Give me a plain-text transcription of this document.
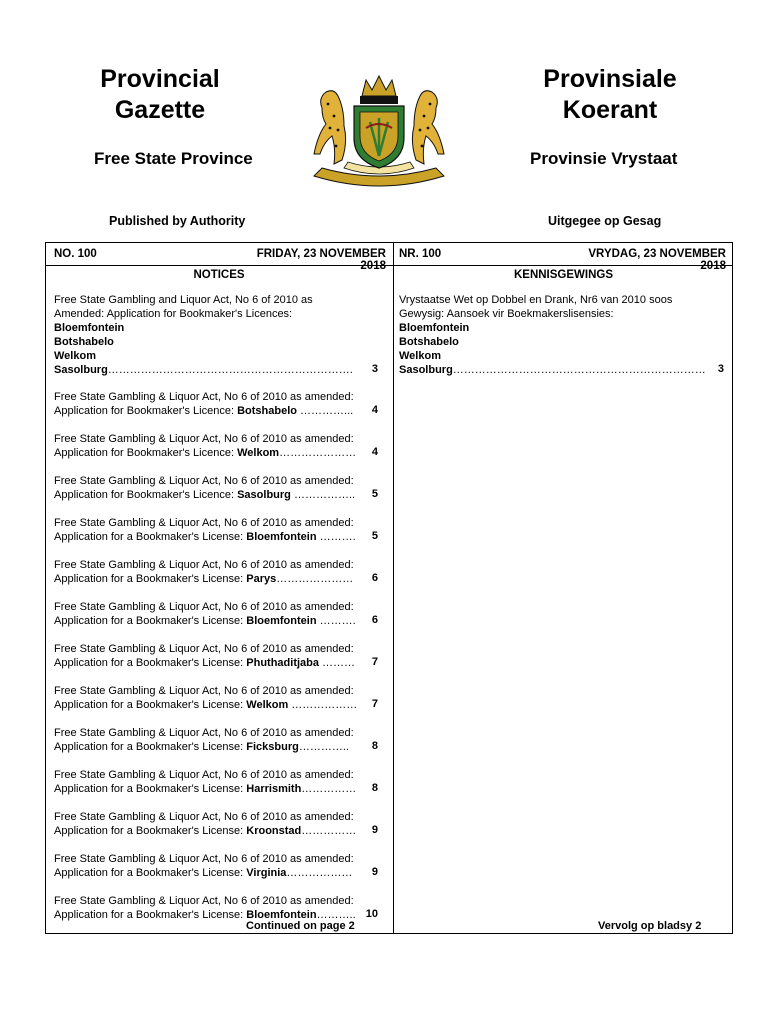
Provincial
Gazette
Provinsiale
Koerant
Free State Province	Provinsie Vrystaat
Published by Authority	Uitgegee op Gesag
NO. 100	FRIDAY, 23 NOVEMBER 2018
NR. 100	VRYDAG, 23 NOVEMBER 2018
NOTICES	KENNISGEWINGS
Free State Gambling and Liquor Act, No 6 of 2010 as
Amended: Application for Bookmaker's Licences:
Bloemfontein
Botshabelo
Welkom
Sasolburg………………………………………………………….	3
Free State Gambling & Liquor Act, No 6 of 2010 as amended:
Application for Bookmaker's Licence: Botshabelo …………...	4
Free State Gambling & Liquor Act, No 6 of 2010 as amended:
Application for Bookmaker's Licence: Welkom…………………	4
Free State Gambling & Liquor Act, No 6 of 2010 as amended:
Application for Bookmaker's Licence: Sasolburg ……………..	5
Free State Gambling & Liquor Act, No 6 of 2010 as amended:
Application for a Bookmaker's License: Bloemfontein ……….	5
Free State Gambling & Liquor Act, No 6 of 2010 as amended:
Application for a Bookmaker's License: Parys…………………	6
Free State Gambling & Liquor Act, No 6 of 2010 as amended:
Application for a Bookmaker's License: Bloemfontein ……….	6
Free State Gambling & Liquor Act, No 6 of 2010 as amended:
Application for a Bookmaker's License: Phuthaditjaba ………	7
Free State Gambling & Liquor Act, No 6 of 2010 as amended:
Application for a Bookmaker's License: Welkom ………………	7
Free State Gambling & Liquor Act, No 6 of 2010 as amended:
Application for a Bookmaker's License: Ficksburg…………..	8
Free State Gambling & Liquor Act, No 6 of 2010 as amended:
Application for a Bookmaker's License: Harrismith……………	8
Free State Gambling & Liquor Act, No 6 of 2010 as amended:
Application for a Bookmaker's License: Kroonstad……………	9
Free State Gambling & Liquor Act, No 6 of 2010 as amended:
Application for a Bookmaker's License: Virginia………………	9
Free State Gambling & Liquor Act, No 6 of 2010 as amended:
Application for a Bookmaker's License: Bloemfontein……….. 10
Continued on page 2
Vrystaatse Wet op Dobbel en Drank, Nr6 van 2010 soos
Gewysig: Aansoek vir Boekmakerslisensies:
Bloemfontein
Botshabelo
Welkom
Sasolburg……………………………………………………………	3
Vervolg op bladsy 2
